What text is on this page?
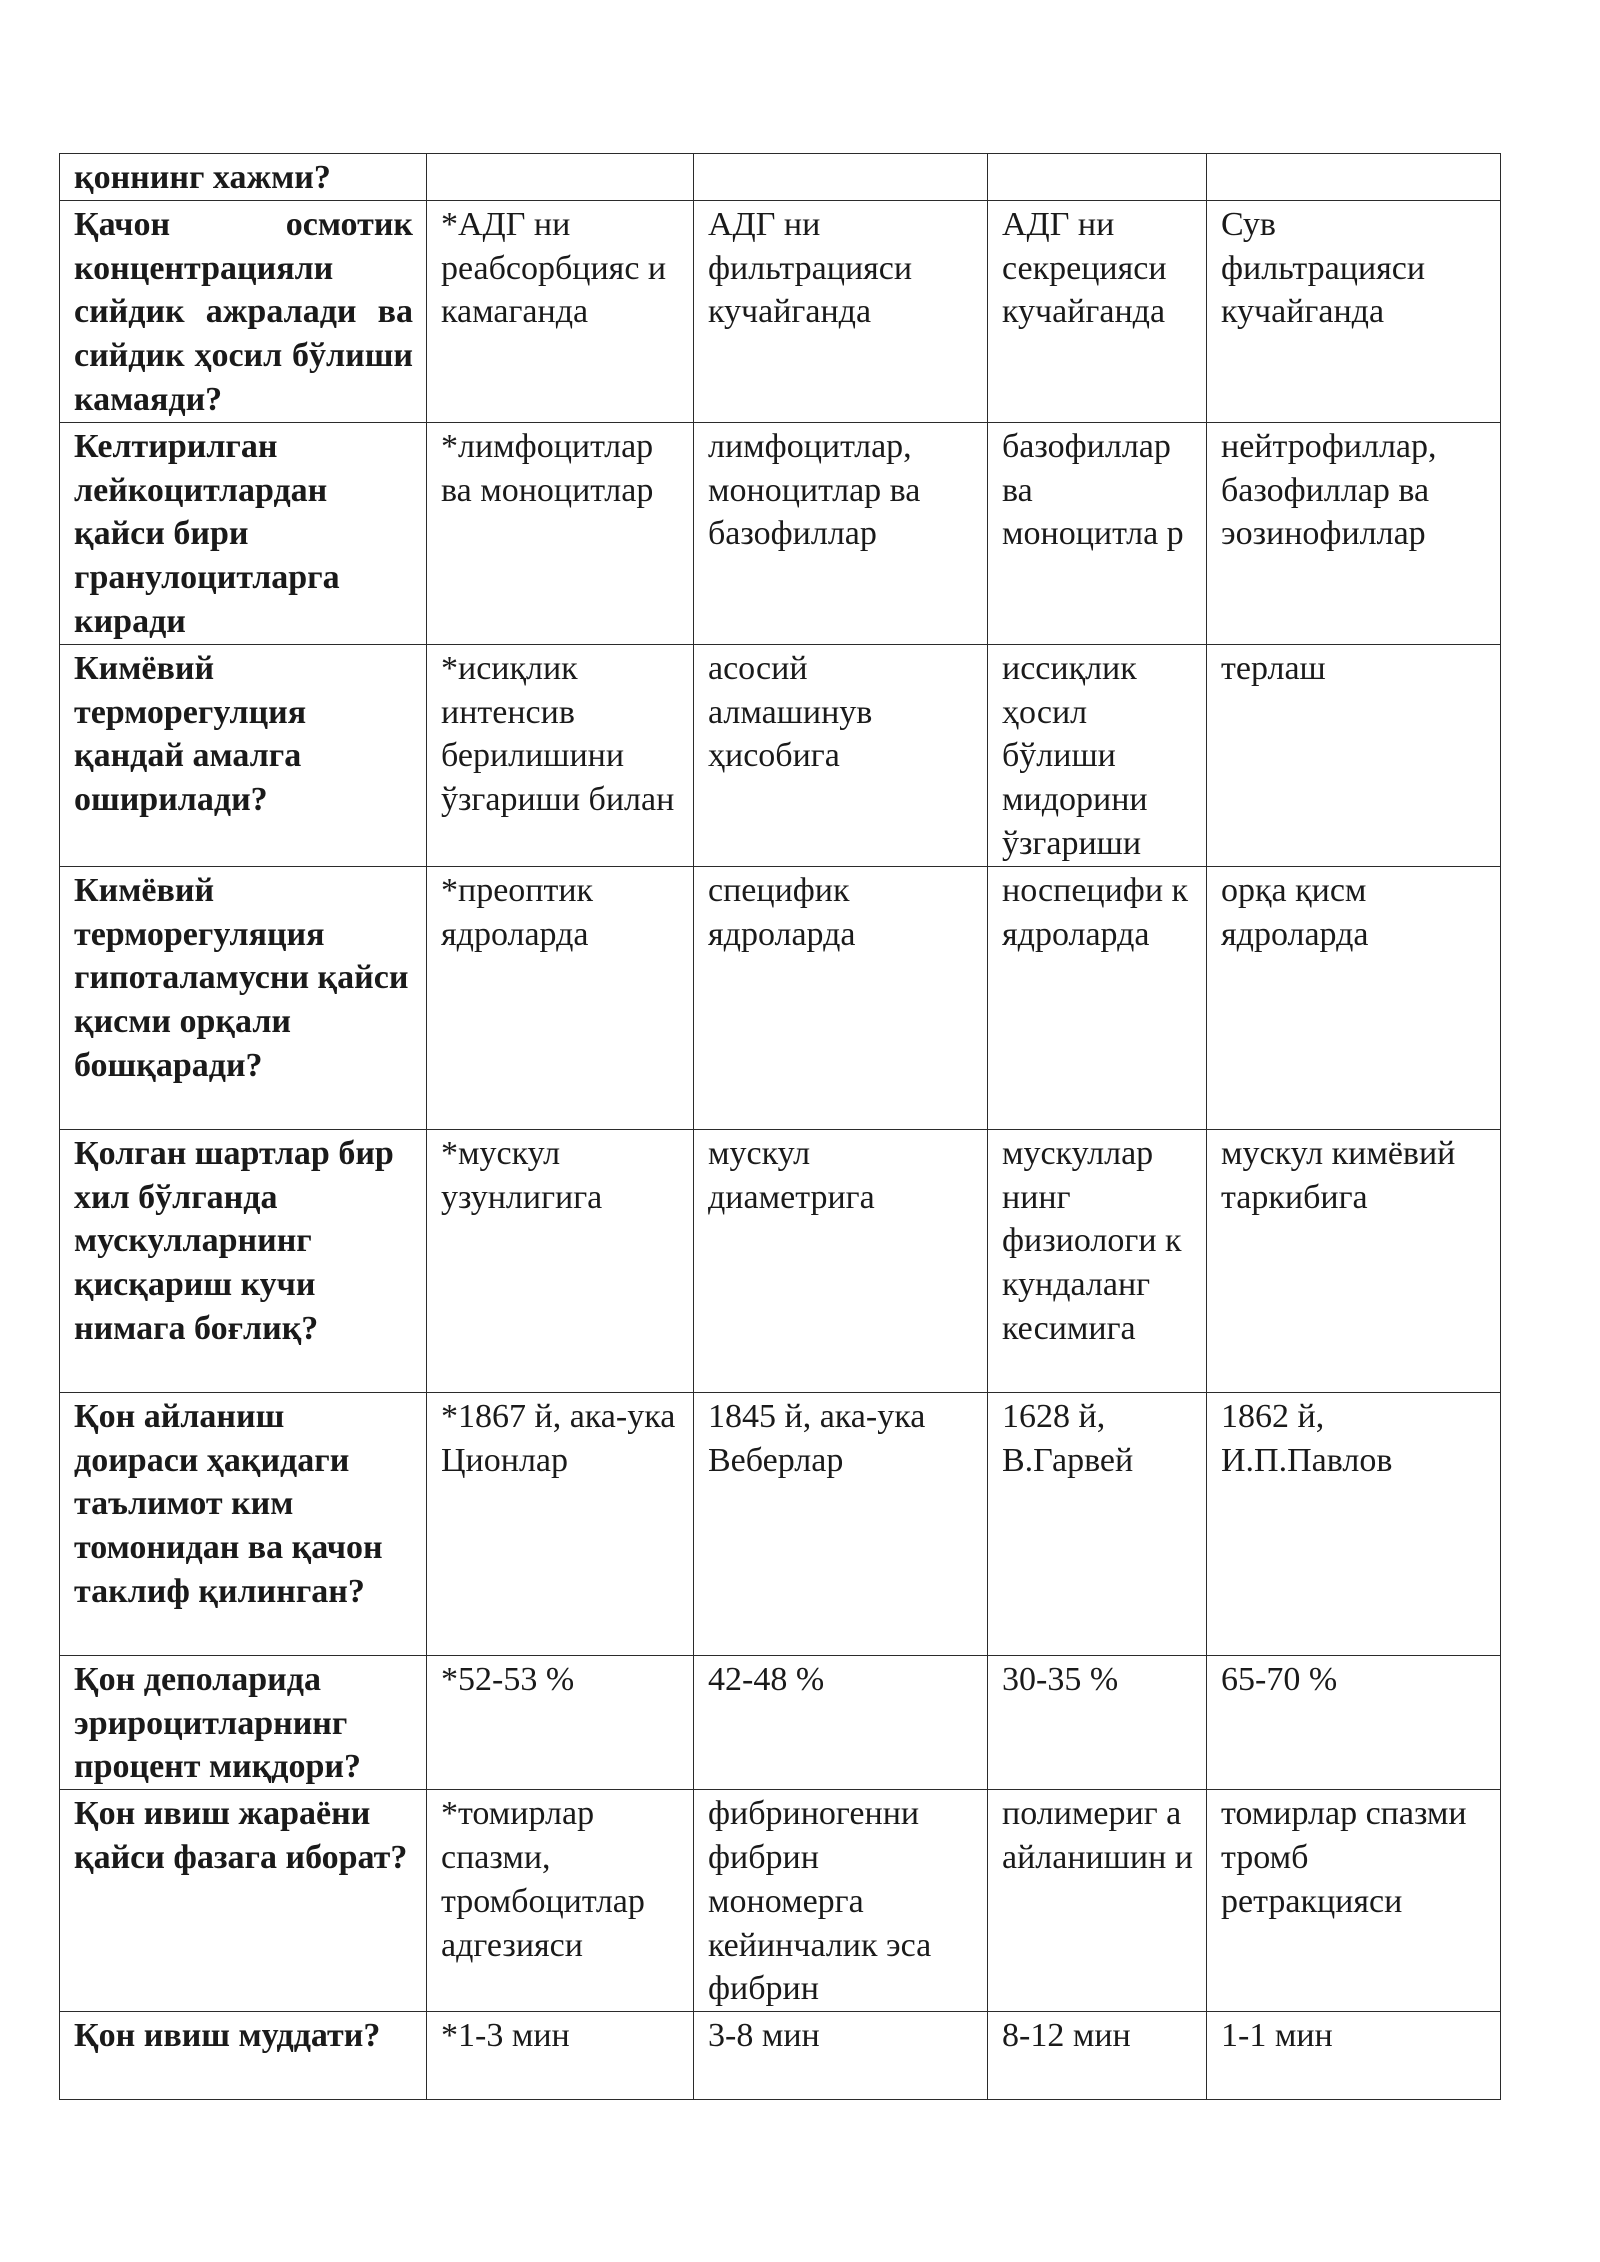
қоннинг хажми?				
Қачон осмотик концентрацияли сийдик ажралади ва сийдик ҳосил бўлиши камаяди?	*АДГ ни реабсорбцияс и камаганда	АДГ ни фильтрацияси кучайганда	АДГ ни секрецияси кучайганда	Сув фильтрацияси кучайганда
Келтирилган лейкоцитлардан қайси бири гранулоцитларга киради	*лимфоцитлар ва моноцитлар	лимфоцитлар, моноцитлар ва базофиллар	базофиллар ва моноцитла р	нейтрофиллар, базофиллар ва эозинофиллар
Кимёвий терморегулция қандай амалга оширилади?	*исиқлик интенсив берилишини ўзгариши билан	асосий алмашинув ҳисобига	иссиқлик ҳосил бўлиши мидорини ўзгариши	терлаш
Кимёвий терморегуляция гипоталамусни қайси қисми орқали бошқаради?	*преоптик ядроларда	специфик ядроларда	носпецифи к ядроларда	орқа қисм ядроларда
Қолган шартлар бир хил бўлганда мускулларнинг қисқариш кучи нимага боғлиқ?	*мускул узунлигига	мускул диаметрига	мускуллар нинг физиологи к кундаланг кесимига	мускул кимёвий таркибига
Қон айланиш доираси ҳақидаги таълимот ким томонидан ва қачон таклиф қилинган?	*1867 й, ака-ука Ционлар	1845 й, ака-ука Веберлар	1628 й, В.Гарвей	1862 й, И.П.Павлов
Қон деполарида эрироцитларнинг процент миқдори?	*52-53 %	42-48 %	30-35 %	65-70 %
Қон ивиш жараёни қайси фазага иборат?	*томирлар спазми, тромбоцитлар адгезияси	фибриногенни фибрин мономерга кейинчалик эса фибрин	полимериг а айланишин и	томирлар спазми тромб ретракцияси
Қон ивиш муддати?	*1-3 мин	3-8 мин	8-12 мин	1-1 мин
